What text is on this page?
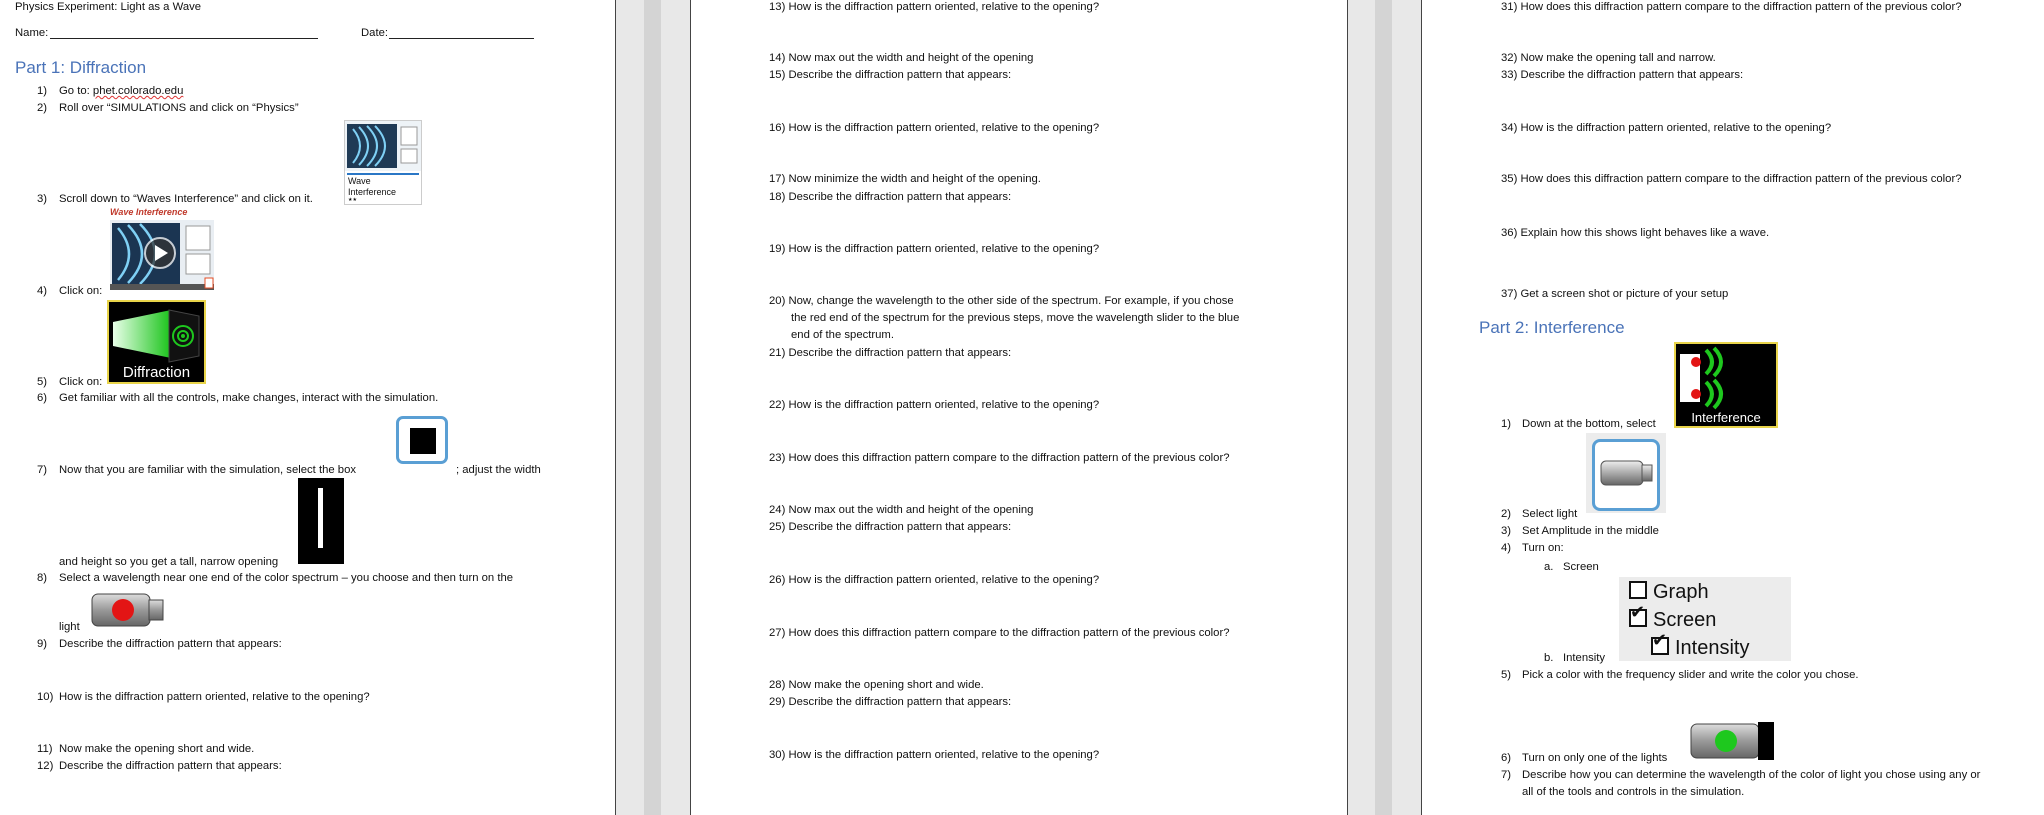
Physics Experiment: Light as a Wave
Name:	Date:
Part 1: Diffraction
1) Go to: phet.colorado.edu
2) Roll over “SIMULATIONS and click on “Physics”
Wave Interference
★★
3) Scroll down to “Waves Interference” and click on it.
Wave Interference
4) Click on:
Diffraction
5) Click on:
6) Get familiar with all the controls, make changes, interact with the simulation.
7) Now that you are familiar with the simulation, select the box	; adjust the width
and height so you get a tall, narrow opening
8) Select a wavelength near one end of the color spectrum – you choose and then turn on the
light
9) Describe the diffraction pattern that appears:
10) How is the diffraction pattern oriented, relative to the opening?
11) Now make the opening short and wide.
12) Describe the diffraction pattern that appears:
13) How is the diffraction pattern oriented, relative to the opening?
14) Now max out the width and height of the opening
15) Describe the diffraction pattern that appears:
16) How is the diffraction pattern oriented, relative to the opening?
17) Now minimize the width and height of the opening.
18) Describe the diffraction pattern that appears:
19) How is the diffraction pattern oriented, relative to the opening?
20) Now, change the wavelength to the other side of the spectrum. For example, if you chose
the red end of the spectrum for the previous steps, move the wavelength slider to the blue
end of the spectrum.
21) Describe the diffraction pattern that appears:
22) How is the diffraction pattern oriented, relative to the opening?
23) How does this diffraction pattern compare to the diffraction pattern of the previous color?
24) Now max out the width and height of the opening
25) Describe the diffraction pattern that appears:
26) How is the diffraction pattern oriented, relative to the opening?
27) How does this diffraction pattern compare to the diffraction pattern of the previous color?
28) Now make the opening short and wide.
29) Describe the diffraction pattern that appears:
30) How is the diffraction pattern oriented, relative to the opening?
31) How does this diffraction pattern compare to the diffraction pattern of the previous color?
32) Now make the opening tall and narrow.
33) Describe the diffraction pattern that appears:
34) How is the diffraction pattern oriented, relative to the opening?
35) How does this diffraction pattern compare to the diffraction pattern of the previous color?
36) Explain how this shows light behaves like a wave.
37) Get a screen shot or picture of your setup
Part 2: Interference
Interference
1) Down at the bottom, select
2) Select light
3) Set Amplitude in the middle
4) Turn on:
a. Screen
Graph
✔ Screen
✔ Intensity
b. Intensity
5) Pick a color with the frequency slider and write the color you chose.
6) Turn on only one of the lights
7) Describe how you can determine the wavelength of the color of light you chose using any or
all of the tools and controls in the simulation.
